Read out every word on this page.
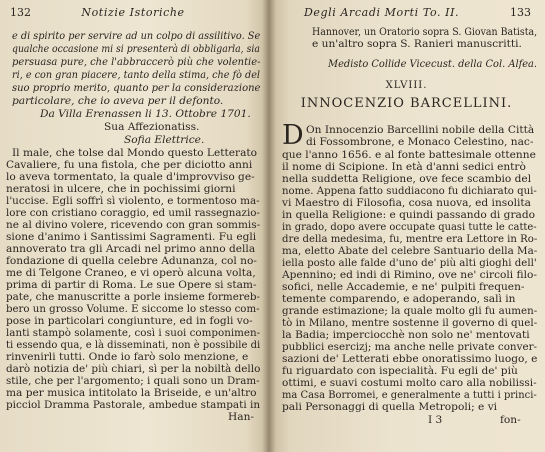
132	Notizie Istoriche
e di spirito per servire ad un colpo di assilitivo. Se
qualche occasione mi si presenterà di obbligarla, sia
persuasa pure, che l'abbraccerò più che volentie-
ri, e con gran piacere, tanto della stima, che fò del
suo proprio merito, quanto per la considerazione
particolare, che io aveva per il defonto.
Da Villa Erenassen li 13. Ottobre 1701.
Sua Affezionatiss.
Sofia Elettrice.
Il male, che tolse dal Mondo questo Letterato
Cavaliere, fu una fistola, che per diciotto anni
lo aveva tormentato, la quale d'improvviso ge-
neratosi in ulcere, che in pochissimi giorni
l'uccise. Egli soffrì sì violento, e tormentoso ma-
lore con cristiano coraggio, ed umil rassegnazio-
ne al divino volere, ricevendo con gran sommis-
sione d'animo i Santissimi Sagramenti. Fu egli
annoverato tra gli Arcadi nel primo anno della
fondazione di quella celebre Adunanza, col no-
me di Telgone Craneo, e vi operò alcuna volta,
prima di partir di Roma. Le sue Opere si stam-
pate, che manuscritte a porle insieme formereb-
bero un grosso Volume. E siccome lo stesso com-
pose in particolari congiunture, ed in fogli vo-
lanti stampò solamente, così i suoi componimen-
ti essendo qua, e là disseminati, non è possibile di
rinvenirli tutti. Onde io farò solo menzione, e
darò notizia de' più chiari, sì per la nobiltà dello
stile, che per l'argomento; i quali sono un Dram-
ma per musica intitolato la Briseide, e un'altro
picciol Dramma Pastorale, ambedue stampati in
Han-
Degli Arcadi Morti To. II.	133
Hannover, un Oratorio sopra S. Giovan Batista,
e un'altro sopra S. Ranieri manuscritti.
Medisto Collide Vicecust. della Col. Alfea.
XLVIII.
INNOCENZIO BARCELLINI.
D On Innocenzio Barcellini nobile della Città
di Fossombrone, e Monaco Celestino, nac-
que l'anno 1656. e al fonte battesimale ottenne
il nome di Scipione. In età d'anni sedici entrò
nella suddetta Religione, ove fece scambio del
nome. Appena fatto suddiacono fu dichiarato qui-
vi Maestro di Filosofia, cosa nuova, ed insolita
in quella Religione: e quindi passando di grado
in grado, dopo avere occupate quasi tutte le catte-
dre della medesima, fu, mentre era Lettore in Ro-
ma, eletto Abate del celebre Santuario della Ma-
iella posto alle falde d'uno de' più alti gioghi dell'
Apennino; ed indi di Rimino, ove ne' circoli filo-
sofici, nelle Accademie, e ne' pulpiti frequen-
temente comparendo, e adoperando, salì in
grande estimazione; la quale molto gli fu aumen-
tò in Milano, mentre sostenne il governo di quel-
la Badia; imperciocchè non solo ne' mentovati
pubblici esercizj; ma anche nelle private conver-
sazioni de' Letterati ebbe onoratissimo luogo, e
fu riguardato con ispecialità. Fu egli de' più
ottimi, e suavi costumi molto caro alla nobilissi-
ma Casa Borromei, e generalmente a tutti i princi-
pali Personaggi di quella Metropoli; e vi
I 3	fon-
